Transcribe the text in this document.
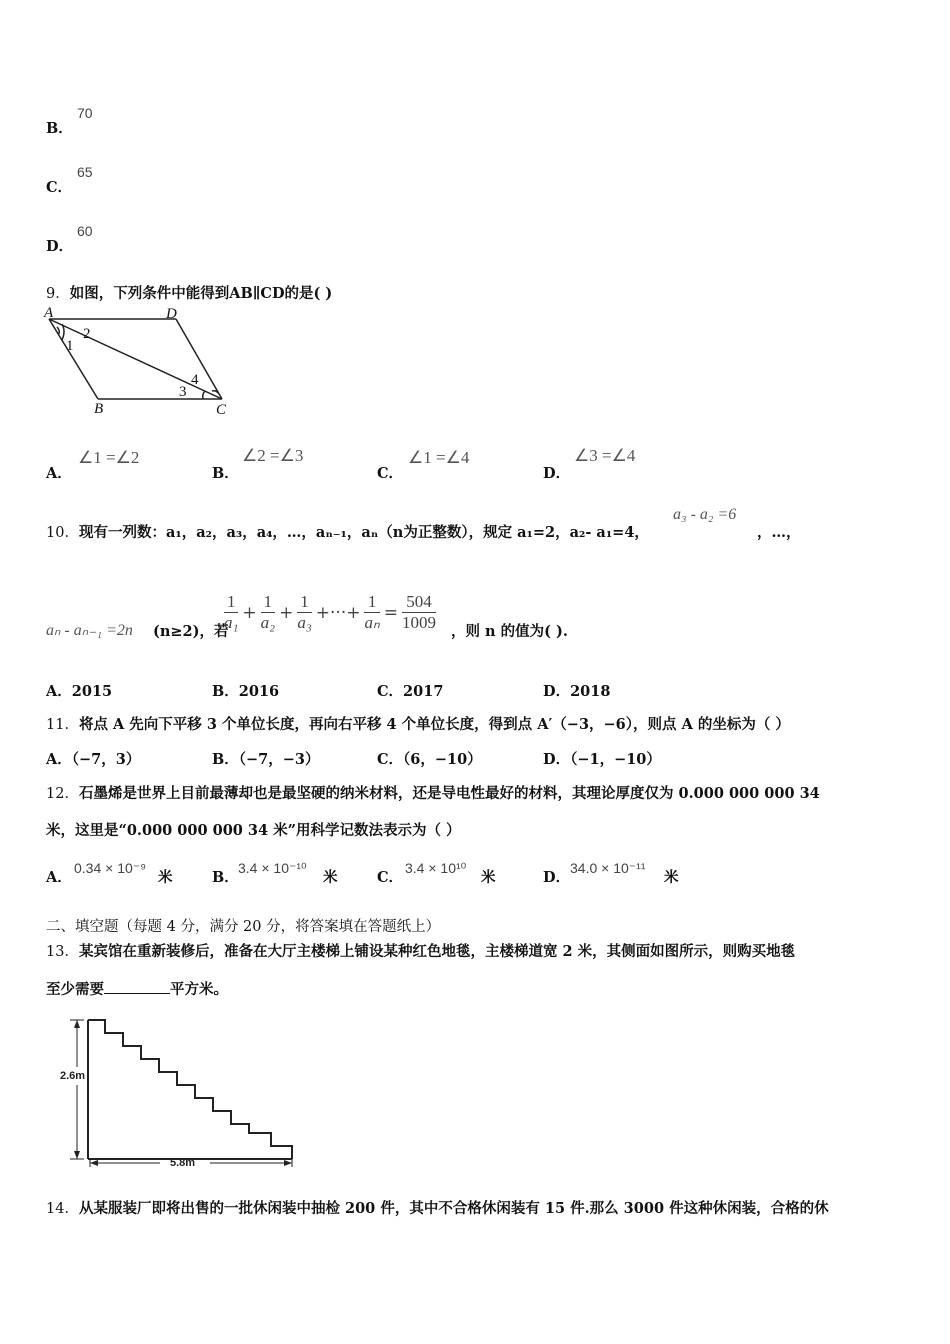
B．
70
C．
65
D．
60
9．如图，下列条件中能得到AB∥CD的是( )
A	D
B	C
1
2
3
4
A．
∠1 =∠2
B．
∠2 =∠3
C．
∠1 =∠4
D．
∠3 =∠4
10．现有一列数：a₁，a₂，a₃，a₄，…，aₙ₋₁，aₙ（n为正整数），规定 a₁=2，a₂- a₁=4，
a₃ - a₂ =6
，…，
aₙ - aₙ₋₁ =2n (n≥2)，若
$\frac{1}{\text{a₁}} + \frac{1}{\text{a₂}} + \frac{1}{\text{a₃}}$ +···+ $\frac{1}{\text{aₙ}} = \frac{504}{1009}$ ，则 n 的值为( ).
A．2015	B．2016	C．2017	D．2018
11．将点 A 先向下平移 3 个单位长度，再向右平移 4 个单位长度，得到点 A′（−3，−6），则点 A 的坐标为（ ）
A．（−7，3）	B．（−7，−3）	C．（6，−10）	D．（−1，−10）
12．石墨烯是世界上目前最薄却也是最坚硬的纳米材料，还是导电性最好的材料，其理论厚度仅为 0.000 000 000 34
米，这里是“0.000 000 000 34 米”用科学记数法表示为（ ）
A．
0.34 × 10⁻⁹
米	B．
3.4 × 10⁻¹⁰
米	C．
3.4 × 10¹⁰
米	D．
34.0 × 10⁻¹¹
米
二、填空题（每题 4 分，满分 20 分，将答案填在答题纸上）
13．某宾馆在重新装修后，准备在大厅主楼梯上铺设某种红色地毯，主楼梯道宽 2 米，其侧面如图所示，则购买地毯
至少需要	平方米。
2.6m
5.8m
14．从某服装厂即将出售的一批休闲装中抽检 200 件，其中不合格休闲装有 15 件.那么 3000 件这种休闲装，合格的休
